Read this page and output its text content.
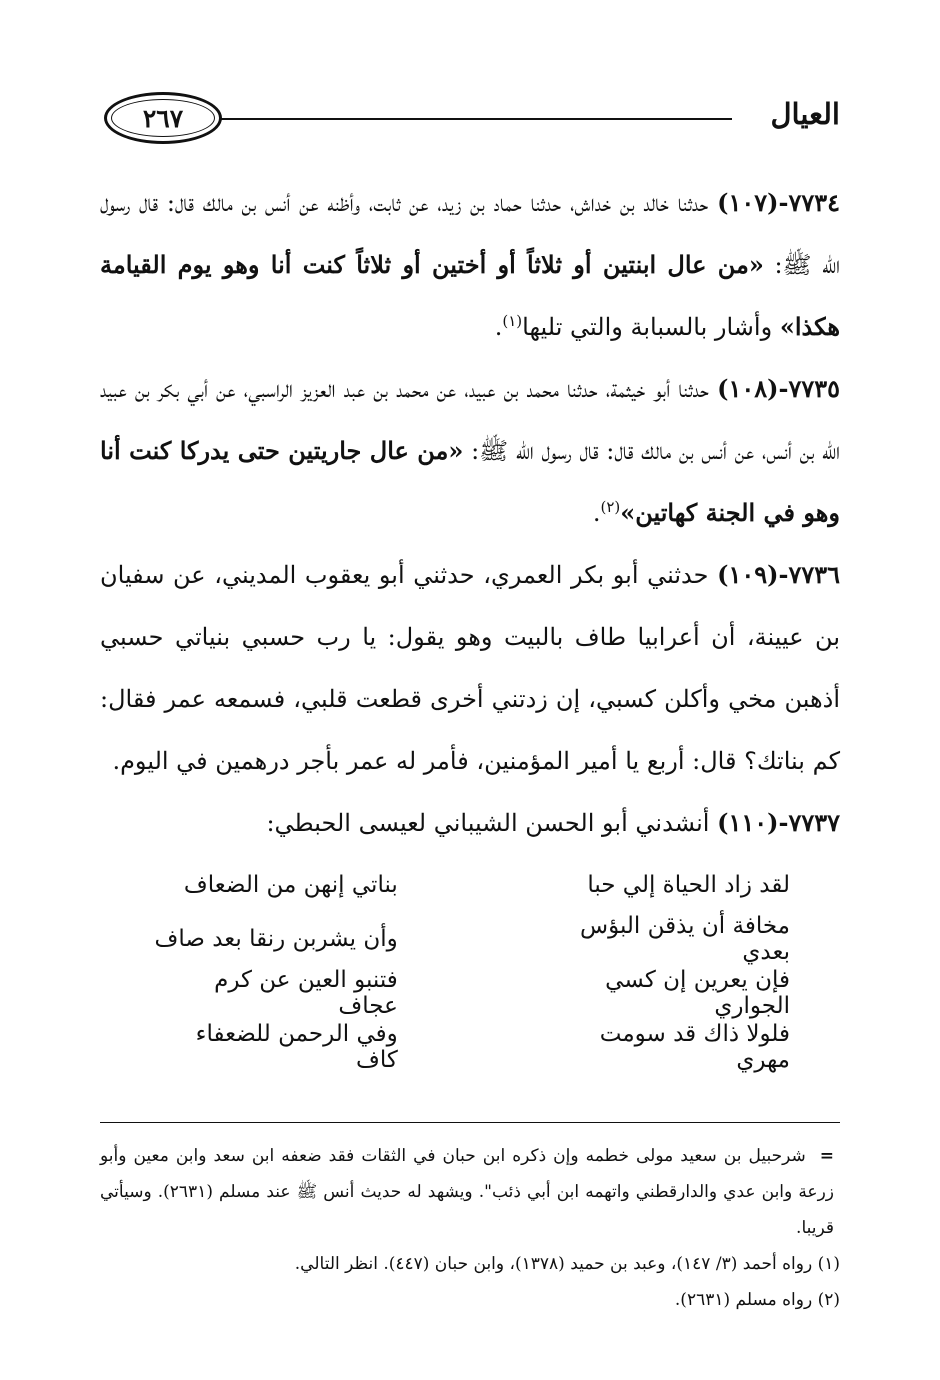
العيال
٢٦٧

٧٧٣٤-(١٠٧) حدثنا خالد بن خداش، حدثنا حماد بن زيد، عن ثابت، وأظنه عن أنس بن مالك قال: قال رسول الله ﷺ: «من عال ابنتين أو ثلاثاً أو أختين أو ثلاثاً كنت أنا وهو يوم القيامة هكذا» وأشار بالسبابة والتي تليها$^{(١)}$.

٧٧٣٥-(١٠٨) حدثنا أبو خيثمة، حدثنا محمد بن عبيد، عن محمد بن عبد العزيز الراسبي، عن أبي بكر بن عبيد الله بن أنس، عن أنس بن مالك قال: قال رسول الله ﷺ: «من عال جاريتين حتى يدركا كنت أنا وهو في الجنة كهاتين»$^{(٢)}$.

٧٧٣٦-(١٠٩) حدثني أبو بكر العمري، حدثني أبو يعقوب المديني، عن سفيان بن عيينة، أن أعرابيا طاف بالبيت وهو يقول: يا رب حسبي بنياتي حسبي أذهبن مخي وأكلن كسبي، إن زدتني أخرى قطعت قلبي، فسمعه عمر فقال: كم بناتك؟ قال: أربع يا أمير المؤمنين، فأمر له عمر بأجر درهمين في اليوم.

٧٧٣٧-(١١٠) أنشدني أبو الحسن الشيباني لعيسى الحبطي:

لقد زاد الحياة إلي حبا
بناتي إنهن من الضعاف
مخافة أن يذقن البؤس بعدي
وأن يشربن رنقا بعد صاف
فإن يعرين إن كسي الجواري
فتنبو العين عن كرم عجاف
فلولا ذاك قد سومت مهري
وفي الرحمن للضعفاء كاف

=شرحبيل بن سعيد مولى خطمه وإن ذكره ابن حبان في الثقات فقد ضعفه ابن سعد وابن معين وأبو زرعة وابن عدي والدارقطني واتهمه ابن أبي ذئب". ويشهد له حديث أنس ﷺ عند مسلم (٢٦٣١). وسيأتي قريبا.

(١) رواه أحمد (٣/ ١٤٧)، وعبد بن حميد (١٣٧٨)، وابن حبان (٤٤٧). انظر التالي.

(٢) رواه مسلم (٢٦٣١).
